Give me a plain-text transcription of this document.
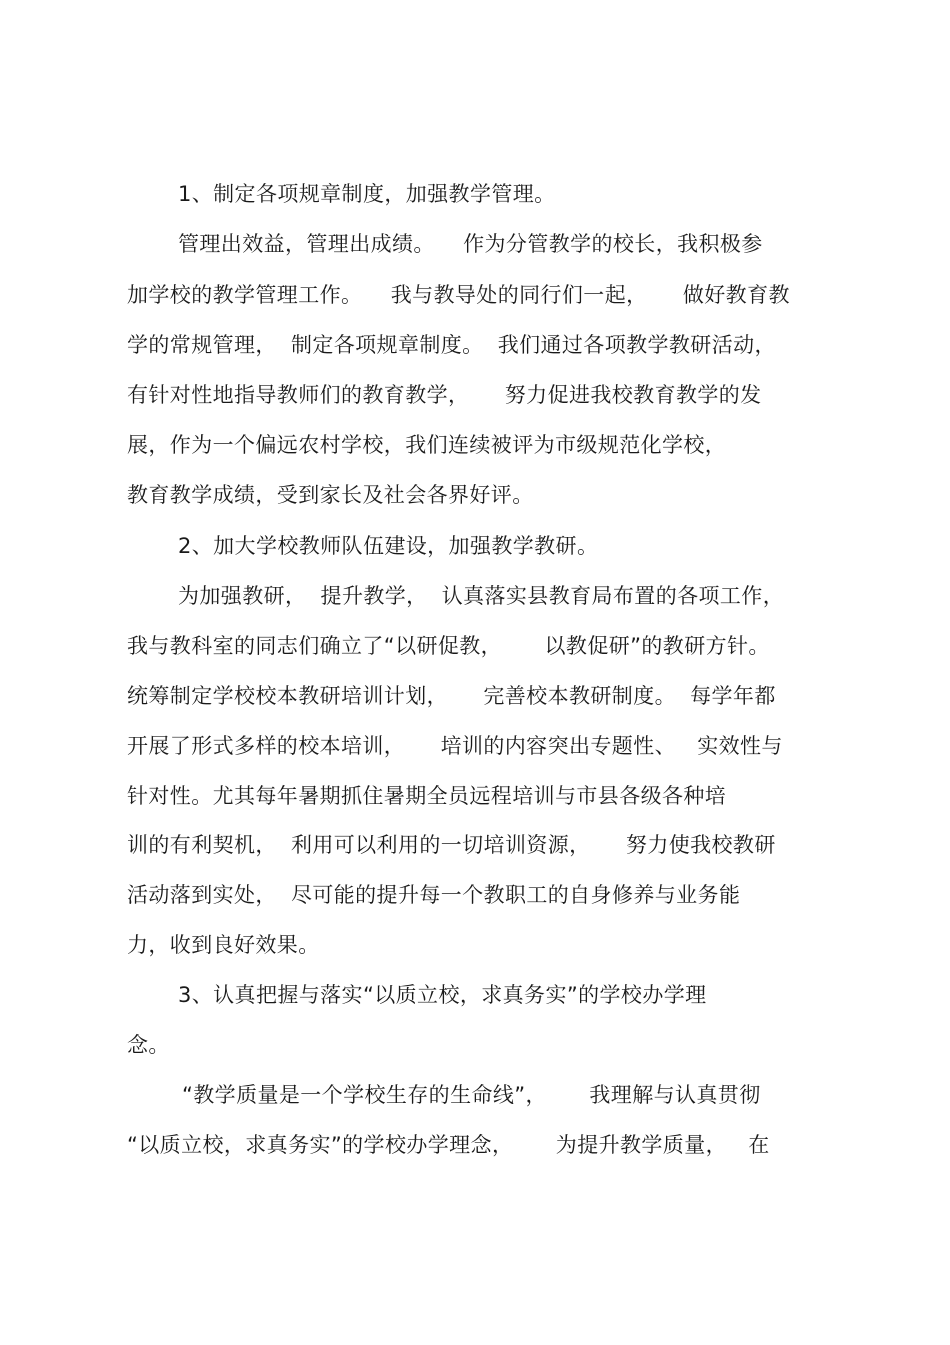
1、制定各项规章制度，加强教学管理。
管理出效益，管理出成绩。    作为分管教学的校长，我积极参
加学校的教学管理工作。    我与教导处的同行们一起，     做好教育教
学的常规管理，  制定各项规章制度。  我们通过各项教学教研活动，
有针对性地指导教师们的教育教学，     努力促进我校教育教学的发
展，作为一个偏远农村学校，我们连续被评为市级规范化学校，
教育教学成绩，受到家长及社会各界好评。
2、加大学校教师队伍建设，加强教学教研。
为加强教研，  提升教学，  认真落实县教育局布置的各项工作，
我与教科室的同志们确立了“以研促教，      以教促研”的教研方针。
统筹制定学校校本教研培训计划，     完善校本教研制度。  每学年都
开展了形式多样的校本培训，     培训的内容突出专题性、   实效性与
针对性。尤其每年暑期抓住暑期全员远程培训与市县各级各种培
训的有利契机，  利用可以利用的一切培训资源，     努力使我校教研
活动落到实处，  尽可能的提升每一个教职工的自身修养与业务能
力，收到良好效果。
3、认真把握与落实“以质立校，求真务实”的学校办学理
念。
“教学质量是一个学校生存的生命线”，      我理解与认真贯彻
“以质立校，求真务实”的学校办学理念，      为提升教学质量，   在
